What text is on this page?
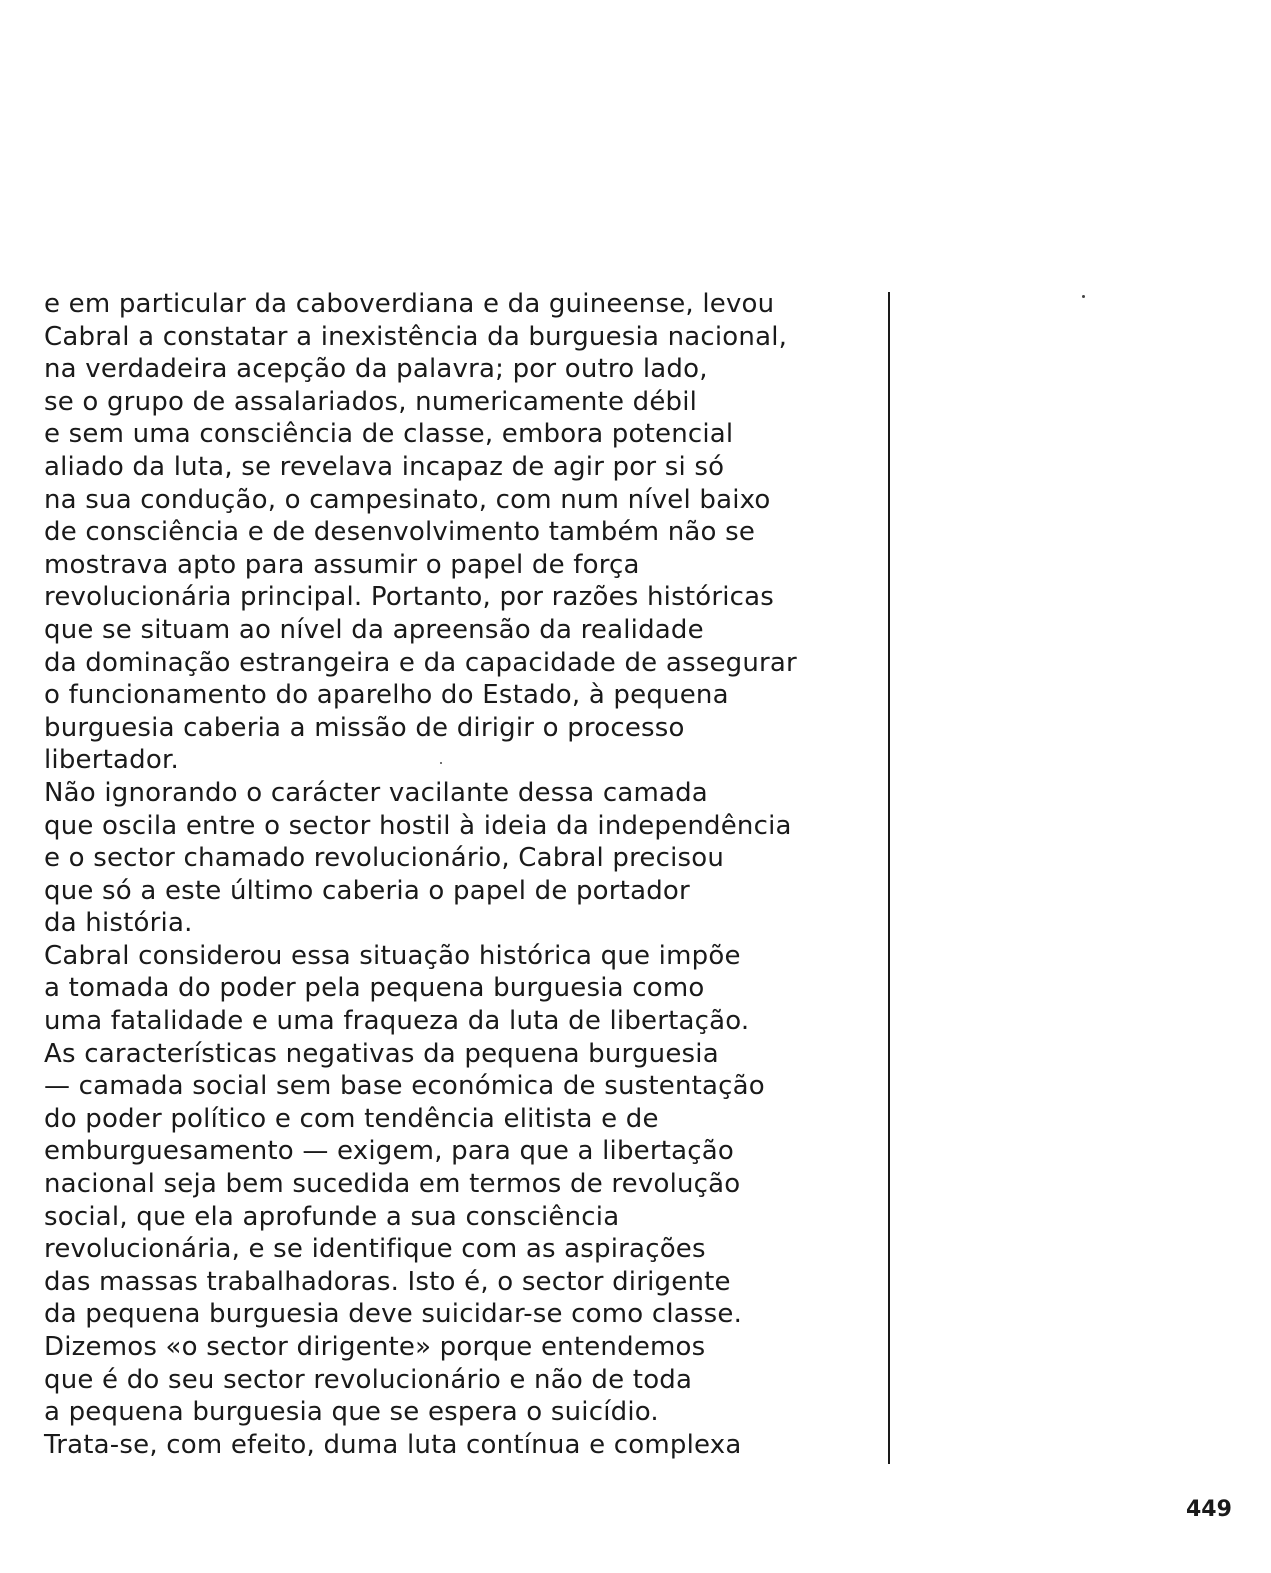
e em particular da caboverdiana e da guineense, levou
Cabral a constatar a inexistência da burguesia nacional,
na verdadeira acepção da palavra; por outro lado,
se o grupo de assalariados, numericamente débil
e sem uma consciência de classe, embora potencial
aliado da luta, se revelava incapaz de agir por si só
na sua condução, o campesinato, com num nível baixo
de consciência e de desenvolvimento também não se
mostrava apto para assumir o papel de força
revolucionária principal. Portanto, por razões históricas
que se situam ao nível da apreensão da realidade
da dominação estrangeira e da capacidade de assegurar
o funcionamento do aparelho do Estado, à pequena
burguesia caberia a missão de dirigir o processo
libertador.
Não ignorando o carácter vacilante dessa camada
que oscila entre o sector hostil à ideia da independência
e o sector chamado revolucionário, Cabral precisou
que só a este último caberia o papel de portador
da história.
Cabral considerou essa situação histórica que impõe
a tomada do poder pela pequena burguesia como
uma fatalidade e uma fraqueza da luta de libertação.
As características negativas da pequena burguesia
— camada social sem base económica de sustentação
do poder político e com tendência elitista e de
emburguesamento — exigem, para que a libertação
nacional seja bem sucedida em termos de revolução
social, que ela aprofunde a sua consciência
revolucionária, e se identifique com as aspirações
das massas trabalhadoras. Isto é, o sector dirigente
da pequena burguesia deve suicidar-se como classe.
Dizemos «o sector dirigente» porque entendemos
que é do seu sector revolucionário e não de toda
a pequena burguesia que se espera o suicídio.
Trata-se, com efeito, duma luta contínua e complexa
449
